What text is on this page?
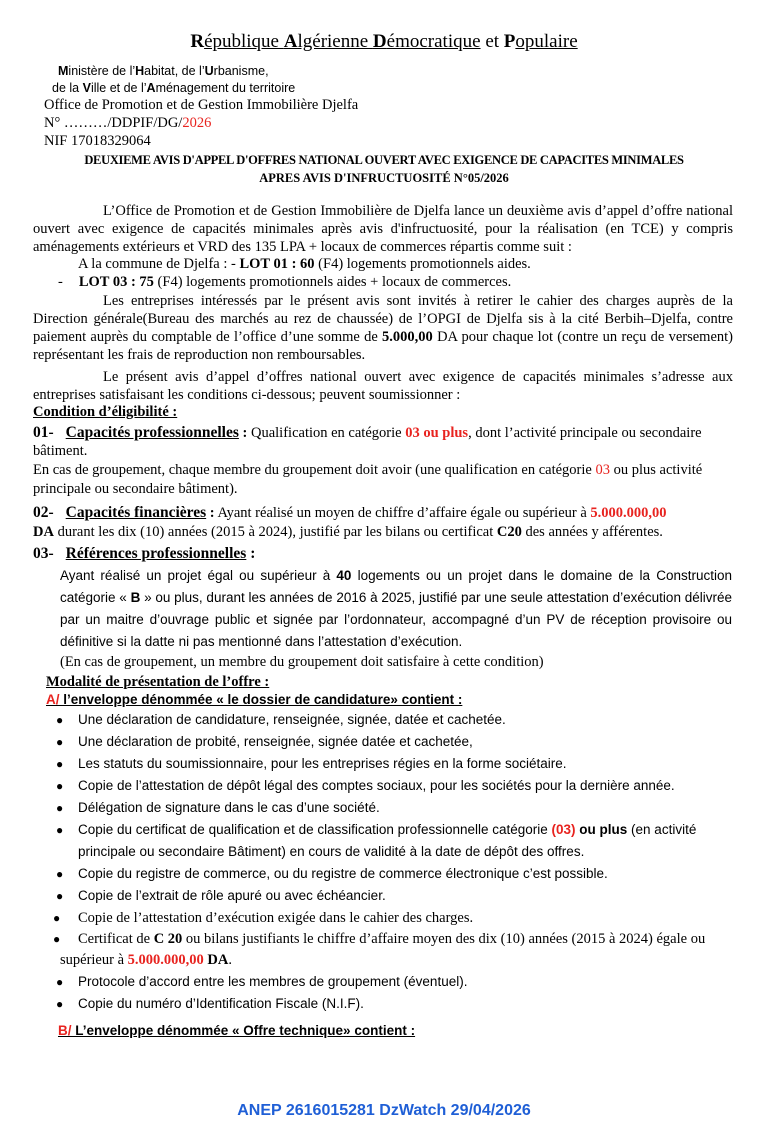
République Algérienne Démocratique et Populaire
Ministère de l’Habitat, de l’Urbanisme,
de la Ville et de l’Aménagement du territoire
Office de Promotion et de Gestion Immobilière Djelfa
N° ………/DDPIF/DG/2026
NIF 17018329064
DEUXIEME AVIS D'APPEL D'OFFRES NATIONAL OUVERT AVEC EXIGENCE DE CAPACITES MINIMALES
APRES AVIS D'INFRUCTUOSITÉ N°05/2026
L’Office de Promotion et de Gestion Immobilière de Djelfa lance un deuxième avis d’appel d’offre national ouvert avec exigence de capacités minimales après avis d'infructuosité, pour la réalisation (en TCE) y compris aménagements extérieurs et VRD des 135 LPA + locaux de commerces répartis comme suit :
A la commune de Djelfa : - LOT 01 : 60 (F4) logements promotionnels aides.
- LOT 03 : 75 (F4) logements promotionnels aides + locaux de commerces.
Les entreprises intéressés par le présent avis sont invités à retirer le cahier des charges auprès de la Direction générale(Bureau des marchés au rez de chaussée) de l’OPGI de Djelfa sis à la cité Berbih–Djelfa, contre paiement auprès du comptable de l’office d’une somme de 5.000,00 DA pour chaque lot (contre un reçu de versement) représentant les frais de reproduction non remboursables.
Le présent avis d’appel d’offres national ouvert avec exigence de capacités minimales s’adresse aux entreprises satisfaisant les conditions ci-dessous; peuvent soumissionner :
Condition d’éligibilité :
01- Capacités professionnelles : Qualification en catégorie 03 ou plus, dont l’activité principale ou secondaire bâtiment.
En cas de groupement, chaque membre du groupement doit avoir (une qualification en catégorie 03 ou plus activité principale ou secondaire bâtiment).
02- Capacités financières : Ayant réalisé un moyen de chiffre d’affaire égale ou supérieur à 5.000.000,00
DA durant les dix (10) années (2015 à 2024), justifié par les bilans ou certificat C20 des années y afférentes.
03- Références professionnelles :
Ayant réalisé un projet égal ou supérieur à 40 logements ou un projet dans le domaine de la Construction catégorie « B » ou plus, durant les années de 2016 à 2025, justifié par une seule attestation d’exécution délivrée par un maitre d’ouvrage public et signée par l’ordonnateur, accompagné d’un PV de réception provisoire ou définitive si la datte ni pas mentionné dans l’attestation d’exécution.
(En cas de groupement, un membre du groupement doit satisfaire à cette condition)
Modalité de présentation de l’offre :
A/ l’enveloppe dénommée « le dossier de candidature» contient :
● Une déclaration de candidature, renseignée, signée, datée et cachetée.
● Une déclaration de probité, renseignée, signée datée et cachetée,
● Les statuts du soumissionnaire, pour les entreprises régies en la forme sociétaire.
● Copie de l’attestation de dépôt légal des comptes sociaux, pour les sociétés pour la dernière année.
● Délégation de signature dans le cas d’une société.
● Copie du certificat de qualification et de classification professionnelle catégorie (03) ou plus (en activité principale ou secondaire Bâtiment) en cours de validité à la date de dépôt des offres.
● Copie du registre de commerce, ou du registre de commerce électronique c’est possible.
● Copie de l’extrait de rôle apuré ou avec échéancier.
● Copie de l’attestation d’exécution exigée dans le cahier des charges.
● Certificat de C 20 ou bilans justifiants le chiffre d’affaire moyen des dix (10) années (2015 à 2024) égale ou supérieur à 5.000.000,00 DA.
● Protocole d’accord entre les membres de groupement (éventuel).
● Copie du numéro d’Identification Fiscale (N.I.F).
B/ L’enveloppe dénommée « Offre technique» contient :
ANEP 2616015281 DzWatch 29/04/2026
